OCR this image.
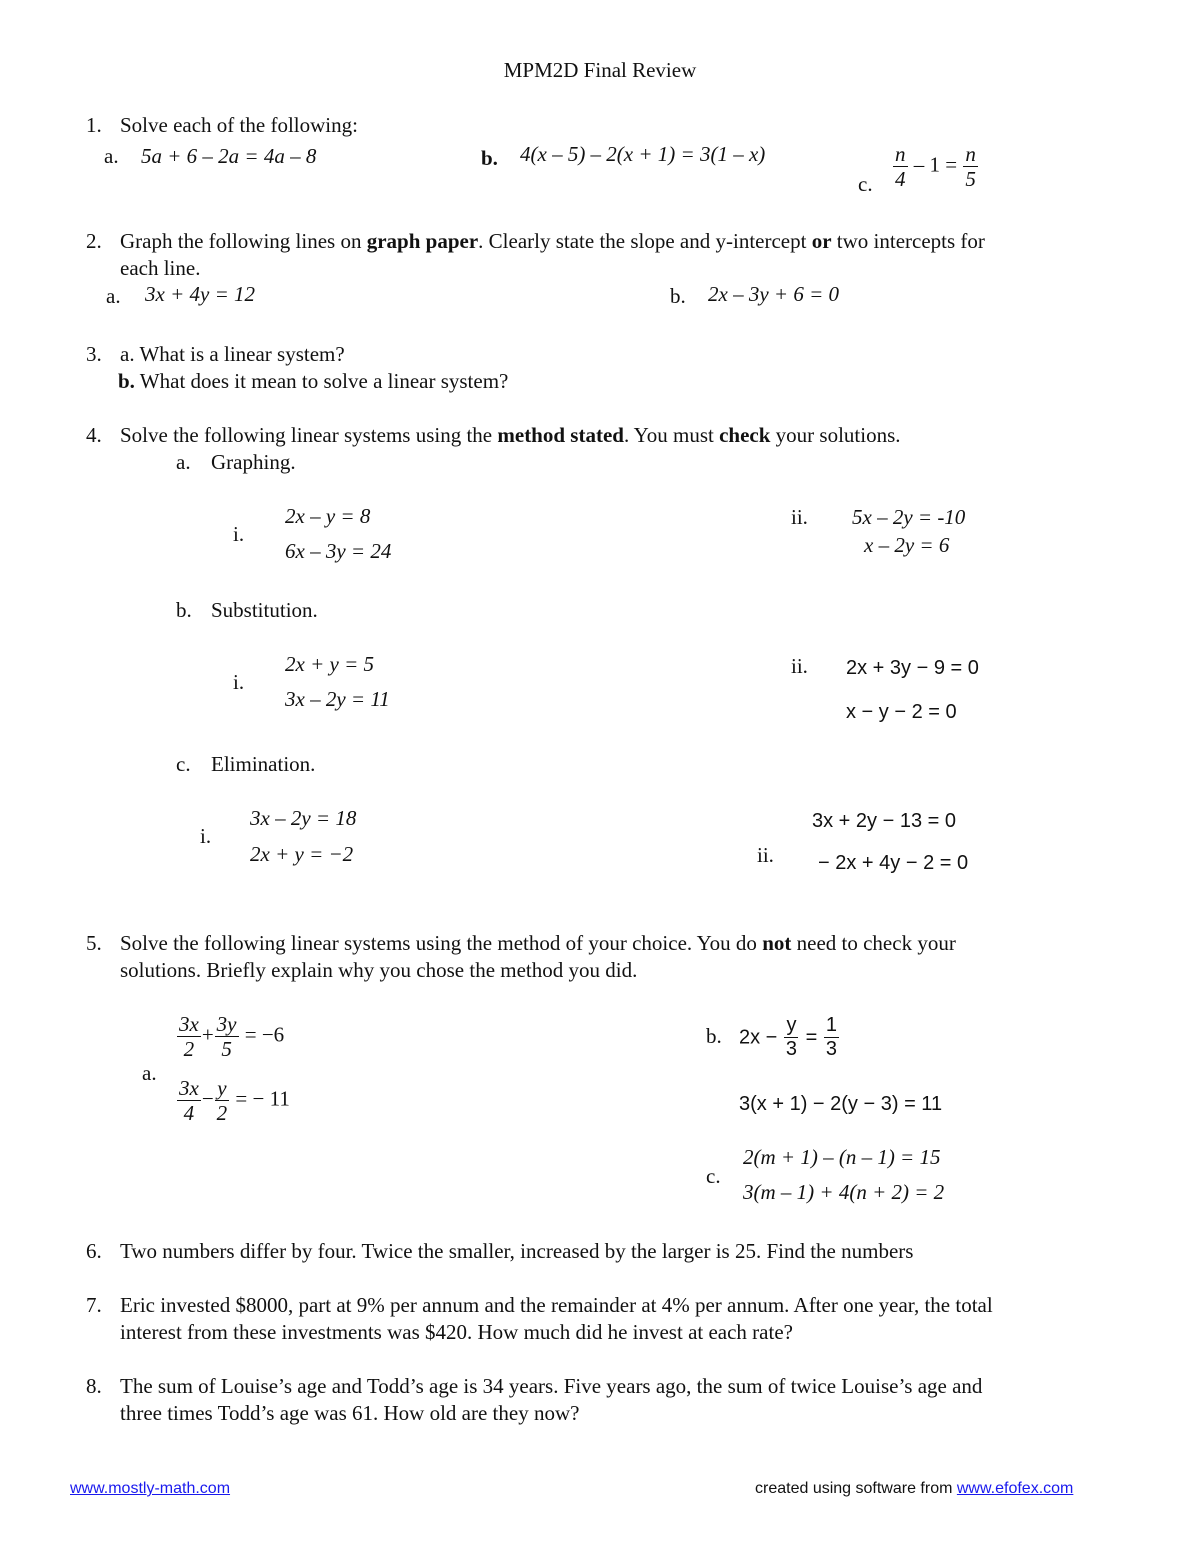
MPM2D Final Review
1. Solve each of the following:
a. 5a + 6 – 2a = 4a – 8	b. 4(x – 5) – 2(x + 1) = 3(1 – x)
c. $\frac{n}{4} - 1 = \frac{n}{5}$
2. Graph the following lines on graph paper. Clearly state the slope and y-intercept or two intercepts for
each line.
a. 3x + 4y = 12	b. 2x – 3y + 6 = 0
3. a. What is a linear system?
b. What does it mean to solve a linear system?
4. Solve the following linear systems using the method stated. You must check your solutions.
a. Graphing.
i.
2x – y = 8
6x – 3y = 24
ii. 5x – 2y = -10
x – 2y = 6
b. Substitution.
i.
2x + y = 5
3x – 2y = 11
ii. 2x + 3y − 9 = 0
x − y − 2 = 0
c. Elimination.
i.
3x – 2y = 18
2x + y = −2	ii.
3x + 2y − 13 = 0
− 2x + 4y − 2 = 0
5. Solve the following linear systems using the method of your choice. You do not need to check your
solutions. Briefly explain why you chose the method you did.
a.
$\frac{3x}{2} + \frac{3y}{5} = -6$
$\frac{3x}{4} - \frac{y}{2}$ = − 11
b. $2x - \frac{y}{3} = \frac{1}{3}$
3(x + 1) − 2(y − 3) = 11
c.
2(m + 1) – (n – 1) = 15
3(m – 1) + 4(n + 2) = 2
6. Two numbers differ by four. Twice the smaller, increased by the larger is 25. Find the numbers
7. Eric invested $8000, part at 9% per annum and the remainder at 4% per annum. After one year, the total
interest from these investments was $420. How much did he invest at each rate?
8. The sum of Louise’s age and Todd’s age is 34 years. Five years ago, the sum of twice Louise’s age and
three times Todd’s age was 61. How old are they now?
www.mostly-math.com	created using software from www.efofex.com
